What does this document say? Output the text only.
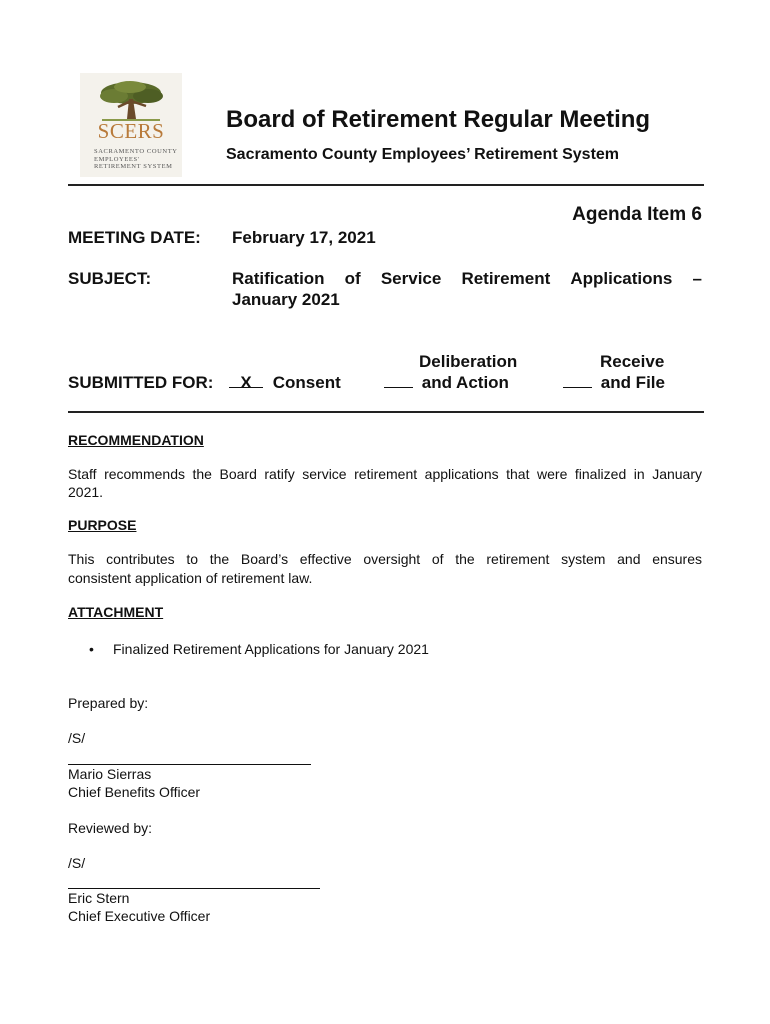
SCERS
SACRAMENTO COUNTY
EMPLOYEES'
RETIREMENT SYSTEM
Board of Retirement Regular Meeting
Sacramento County Employees’ Retirement System
Agenda Item 6
MEETING DATE: February 17, 2021
SUBJECT:	Ratification of Service Retirement Applications –
January 2021
SUBMITTED FOR:	X Consent
Deliberation
and Action
Receive
and File
RECOMMENDATION
Staff recommends the Board ratify service retirement applications that were finalized in January
2021.
PURPOSE
This contributes to the Board’s effective oversight of the retirement system and ensures
consistent application of retirement law.
ATTACHMENT
• Finalized Retirement Applications for January 2021
Prepared by:
/S/
Mario Sierras
Chief Benefits Officer
Reviewed by:
/S/
Eric Stern
Chief Executive Officer
